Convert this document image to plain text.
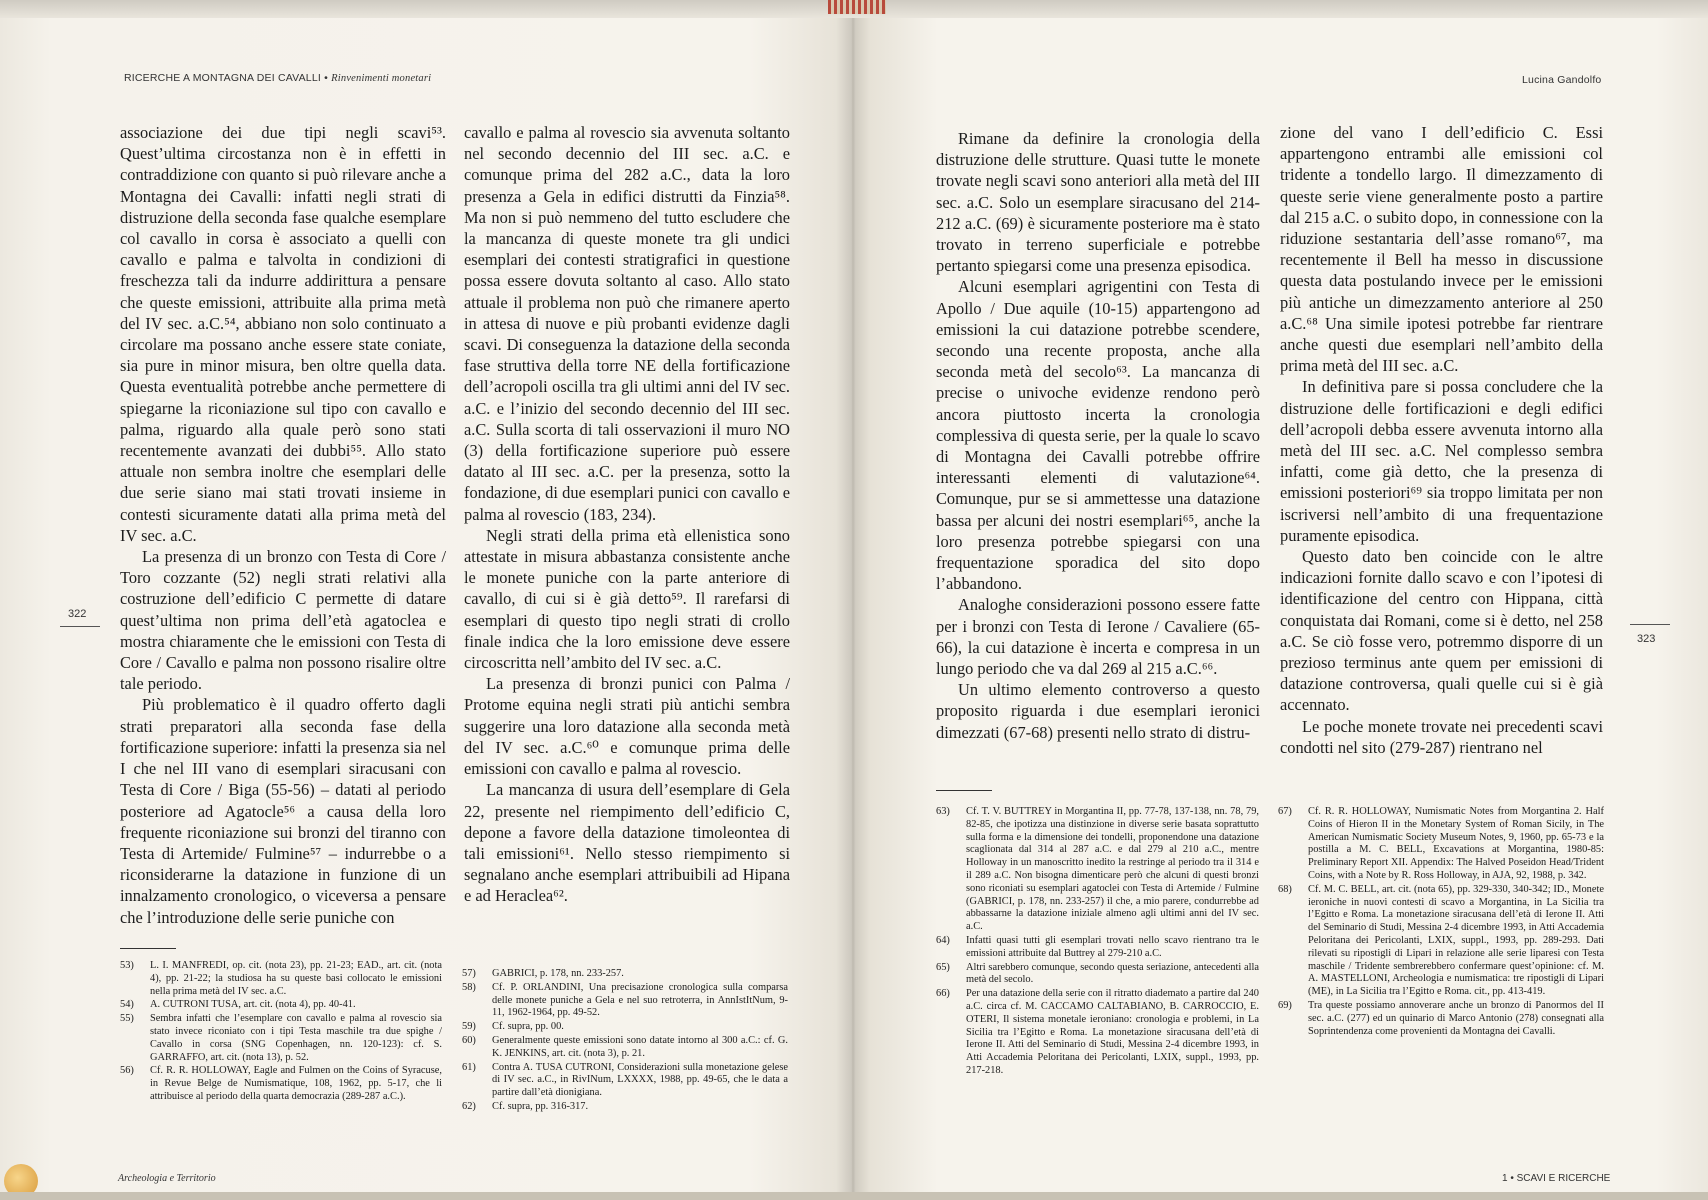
RICERCHE A MONTAGNA DEI CAVALLI • Rinvenimenti monetari	Lucina Gandolfo

associazione dei due tipi negli scavi⁵³. Quest’ultima circostanza non è in effetti in contraddizione con quanto si può rilevare anche a Montagna dei Cavalli: infatti negli strati di distruzione della seconda fase qualche esemplare col cavallo in corsa è associato a quelli con cavallo e palma e talvolta in condizioni di freschezza tali da indurre addirittura a pensare che queste emissioni, attribuite alla prima metà del IV sec. a.C.⁵⁴, abbiano non solo continuato a circolare ma possano anche essere state coniate, sia pure in minor misura, ben oltre quella data. Questa eventualità potrebbe anche permettere di spiegarne la riconiazione sul tipo con cavallo e palma, riguardo alla quale però sono stati recentemente avanzati dei dubbi⁵⁵. Allo stato attuale non sembra inoltre che esemplari delle due serie siano mai stati trovati insieme in contesti sicuramente datati alla prima metà del IV sec. a.C.

La presenza di un bronzo con Testa di Core / Toro cozzante (52) negli strati relativi alla costruzione dell’edificio C permette di datare quest’ultima non prima dell’età agatoclea e mostra chiaramente che le emissioni con Testa di Core / Cavallo e palma non possono risalire oltre tale periodo.

Più problematico è il quadro offerto dagli strati preparatori alla seconda fase della fortificazione superiore: infatti la presenza sia nel I che nel III vano di esemplari siracusani con Testa di Core / Biga (55-56) – datati al periodo posteriore ad Agatocle⁵⁶ a causa della loro frequente riconiazione sui bronzi del tiranno con Testa di Artemide/ Fulmine⁵⁷ – indurrebbe o a riconsiderarne la datazione in funzione di un innalzamento cronologico, o viceversa a pensare che l’introduzione delle serie puniche con

cavallo e palma al rovescio sia avvenuta soltanto nel secondo decennio del III sec. a.C. e comunque prima del 282 a.C., data la loro presenza a Gela in edifici distrutti da Finzia⁵⁸. Ma non si può nemmeno del tutto escludere che la mancanza di queste monete tra gli undici esemplari dei contesti stratigrafici in questione possa essere dovuta soltanto al caso. Allo stato attuale il problema non può che rimanere aperto in attesa di nuove e più probanti evidenze dagli scavi. Di conseguenza la datazione della seconda fase struttiva della torre NE della fortificazione dell’acropoli oscilla tra gli ultimi anni del IV sec. a.C. e l’inizio del secondo decennio del III sec. a.C. Sulla scorta di tali osservazioni il muro NO (3) della fortificazione superiore può essere datato al III sec. a.C. per la presenza, sotto la fondazione, di due esemplari punici con cavallo e palma al rovescio (183, 234).

Negli strati della prima età ellenistica sono attestate in misura abbastanza consistente anche le monete puniche con la parte anteriore di cavallo, di cui si è già detto⁵⁹. Il rarefarsi di esemplari di questo tipo negli strati di crollo finale indica che la loro emissione deve essere circoscritta nell’ambito del IV sec. a.C.

La presenza di bronzi punici con Palma / Protome equina negli strati più antichi sembra suggerire una loro datazione alla seconda metà del IV sec. a.C.⁶⁰ e comunque prima delle emissioni con cavallo e palma al rovescio.

La mancanza di usura dell’esemplare di Gela 22, presente nel riempimento dell’edificio C, depone a favore della datazione timoleontea di tali emissioni⁶¹. Nello stesso riempimento si segnalano anche esemplari attribuibili ad Hipana e ad Heraclea⁶².

322
323
53)	L. I. MANFREDI, op. cit. (nota 23), pp. 21-23; EAD., art. cit. (nota 4), pp. 21-22; la studiosa ha su queste basi collocato le emissioni nella prima metà del IV sec. a.C.
54)	A. CUTRONI TUSA, art. cit. (nota 4), pp. 40-41.
55)	Sembra infatti che l’esemplare con cavallo e palma al rovescio sia stato invece riconiato con i tipi Testa maschile tra due spighe / Cavallo in corsa (SNG Copenhagen, nn. 120-123): cf. S. GARRAFFO, art. cit. (nota 13), p. 52.
56)	Cf. R. R. HOLLOWAY, Eagle and Fulmen on the Coins of Syracuse, in Revue Belge de Numismatique, 108, 1962, pp. 5-17, che li attribuisce al periodo della quarta democrazia (289-287 a.C.).
57)	GABRICI, p. 178, nn. 233-257.
58)	Cf. P. ORLANDINI, Una precisazione cronologica sulla comparsa delle monete puniche a Gela e nel suo retroterra, in AnnIstItNum, 9-11, 1962-1964, pp. 49-52.
59)	Cf. supra, pp. 00.
60)	Generalmente queste emissioni sono datate intorno al 300 a.C.: cf. G. K. JENKINS, art. cit. (nota 3), p. 21.
61)	Contra A. TUSA CUTRONI, Considerazioni sulla monetazione gelese di IV sec. a.C., in RivINum, LXXXX, 1988, pp. 49-65, che le data a partire dall’età dionigiana.
62)	Cf. supra, pp. 316-317.

Rimane da definire la cronologia della distruzione delle strutture. Quasi tutte le monete trovate negli scavi sono anteriori alla metà del III sec. a.C. Solo un esemplare siracusano del 214-212 a.C. (69) è sicuramente posteriore ma è stato trovato in terreno superficiale e potrebbe pertanto spiegarsi come una presenza episodica.

Alcuni esemplari agrigentini con Testa di Apollo / Due aquile (10-15) appartengono ad emissioni la cui datazione potrebbe scendere, secondo una recente proposta, anche alla seconda metà del secolo⁶³. La mancanza di precise o univoche evidenze rendono però ancora piuttosto incerta la cronologia complessiva di questa serie, per la quale lo scavo di Montagna dei Cavalli potrebbe offrire interessanti elementi di valutazione⁶⁴. Comunque, pur se si ammettesse una datazione bassa per alcuni dei nostri esemplari⁶⁵, anche la loro presenza potrebbe spiegarsi con una frequentazione sporadica del sito dopo l’abbandono.

Analoghe considerazioni possono essere fatte per i bronzi con Testa di Ierone / Cavaliere (65-66), la cui datazione è incerta e compresa in un lungo periodo che va dal 269 al 215 a.C.⁶⁶.

Un ultimo elemento controverso a questo proposito riguarda i due esemplari ieronici dimezzati (67-68) presenti nello strato di distru-

zione del vano I dell’edificio C. Essi appartengono entrambi alle emissioni col tridente a tondello largo. Il dimezzamento di queste serie viene generalmente posto a partire dal 215 a.C. o subito dopo, in connessione con la riduzione sestantaria dell’asse romano⁶⁷, ma recentemente il Bell ha messo in discussione questa data postulando invece per le emissioni più antiche un dimezzamento anteriore al 250 a.C.⁶⁸ Una simile ipotesi potrebbe far rientrare anche questi due esemplari nell’ambito della prima metà del III sec. a.C.

In definitiva pare si possa concludere che la distruzione delle fortificazioni e degli edifici dell’acropoli debba essere avvenuta intorno alla metà del III sec. a.C. Nel complesso sembra infatti, come già detto, che la presenza di emissioni posteriori⁶⁹ sia troppo limitata per non iscriversi nell’ambito di una frequentazione puramente episodica.

Questo dato ben coincide con le altre indicazioni fornite dallo scavo e con l’ipotesi di identificazione del centro con Hippana, città conquistata dai Romani, come si è detto, nel 258 a.C. Se ciò fosse vero, potremmo disporre di un prezioso terminus ante quem per emissioni di datazione controversa, quali quelle cui si è già accennato.

Le poche monete trovate nei precedenti scavi condotti nel sito (279-287) rientrano nel

63)	Cf. T. V. BUTTREY in Morgantina II, pp. 77-78, 137-138, nn. 78, 79, 82-85, che ipotizza una distinzione in diverse serie basata soprattutto sulla forma e la dimensione dei tondelli, proponendone una datazione scaglionata dal 314 al 287 a.C. e dal 279 al 210 a.C., mentre Holloway in un manoscritto inedito la restringe al periodo tra il 314 e il 289 a.C. Non bisogna dimenticare però che alcuni di questi bronzi sono riconiati su esemplari agatoclei con Testa di Artemide / Fulmine (GABRICI, p. 178, nn. 233-257) il che, a mio parere, condurrebbe ad abbassarne la datazione iniziale almeno agli ultimi anni del IV sec. a.C.
64)	Infatti quasi tutti gli esemplari trovati nello scavo rientrano tra le emissioni attribuite dal Buttrey al 279-210 a.C.
65)	Altri sarebbero comunque, secondo questa seriazione, antecedenti alla metà del secolo.
66)	Per una datazione della serie con il ritratto diademato a partire dal 240 a.C. circa cf. M. CACCAMO CALTABIANO, B. CARROCCIO, E. OTERI, Il sistema monetale ieroniano: cronologia e problemi, in La Sicilia tra l’Egitto e Roma. La monetazione siracusana dell’età di Ierone II. Atti del Seminario di Studi, Messina 2-4 dicembre 1993, in Atti Accademia Peloritana dei Pericolanti, LXIX, suppl., 1993, pp. 217-218.
67)	Cf. R. R. HOLLOWAY, Numismatic Notes from Morgantina 2. Half Coins of Hieron II in the Monetary System of Roman Sicily, in The American Numismatic Society Museum Notes, 9, 1960, pp. 65-73 e la postilla a M. C. BELL, Excavations at Morgantina, 1980-85: Preliminary Report XII. Appendix: The Halved Poseidon Head/Trident Coins, with a Note by R. Ross Holloway, in AJA, 92, 1988, p. 342.
68)	Cf. M. C. BELL, art. cit. (nota 65), pp. 329-330, 340-342; ID., Monete ieroniche in nuovi contesti di scavo a Morgantina, in La Sicilia tra l’Egitto e Roma. La monetazione siracusana dell’età di Ierone II. Atti del Seminario di Studi, Messina 2-4 dicembre 1993, in Atti Accademia Peloritana dei Pericolanti, LXIX, suppl., 1993, pp. 289-293. Dati rilevati su ripostigli di Lipari in relazione alle serie liparesi con Testa maschile / Tridente sembrerebbero confermare quest’opinione: cf. M. A. MASTELLONI, Archeologia e numismatica: tre ripostigli di Lipari (ME), in La Sicilia tra l’Egitto e Roma. cit., pp. 413-419.
69)	Tra queste possiamo annoverare anche un bronzo di Panormos del II sec. a.C. (277) ed un quinario di Marco Antonio (278) consegnati alla Soprintendenza come provenienti da Montagna dei Cavalli.
Archeologia e Territorio	1 • SCAVI E RICERCHE
